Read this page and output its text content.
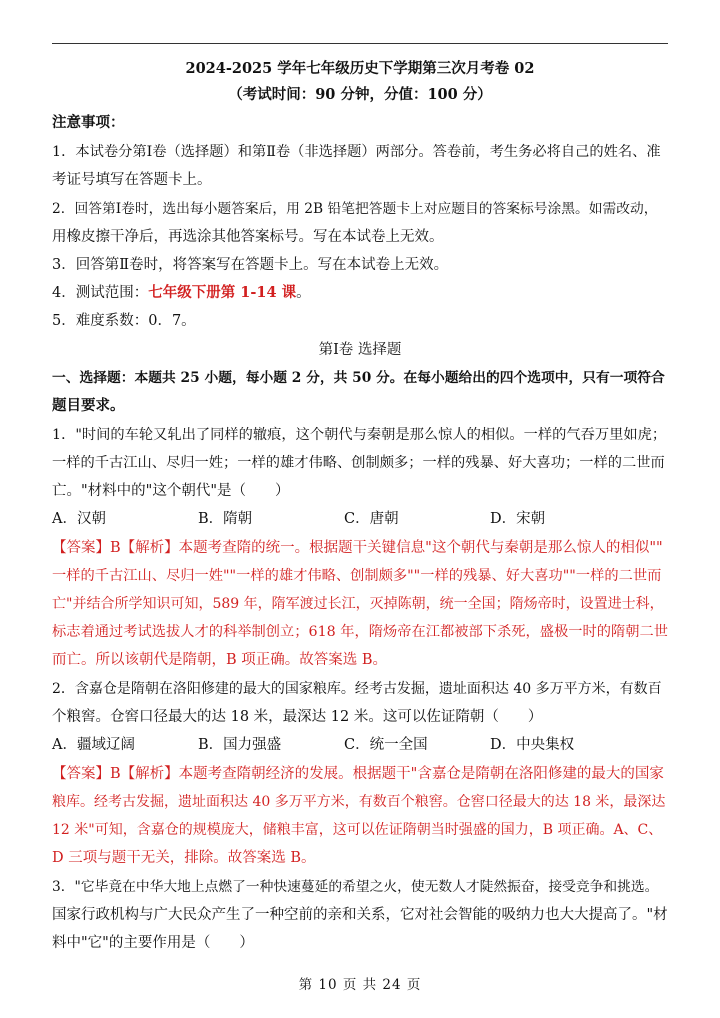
2024-2025 学年七年级历史下学期第三次月考卷 02
（考试时间：90 分钟，分值：100 分）
注意事项：
1．本试卷分第Ⅰ卷（选择题）和第Ⅱ卷（非选择题）两部分。答卷前，考生务必将自己的姓名、准
考证号填写在答题卡上。
2．回答第Ⅰ卷时，选出每小题答案后，用 2B 铅笔把答题卡上对应题目的答案标号涂黑。如需改动，
用橡皮擦干净后，再选涂其他答案标号。写在本试卷上无效。
3．回答第Ⅱ卷时，将答案写在答题卡上。写在本试卷上无效。
4．测试范围：七年级下册第 1-14 课。
5．难度系数：0．7。
第Ⅰ卷 选择题
一、选择题：本题共 25 小题，每小题 2 分，共 50 分。在每小题给出的四个选项中，只有一项符合
题目要求。
1．"时间的车轮又轧出了同样的辙痕，这个朝代与秦朝是那么惊人的相似。一样的气吞万里如虎；
一样的千古江山、尽归一姓；一样的雄才伟略、创制颇多；一样的残暴、好大喜功；一样的二世而
亡。"材料中的"这个朝代"是（　　）
A．汉朝	B．隋朝	C．唐朝	D．宋朝
【答案】B【解析】本题考查隋的统一。根据题干关键信息"这个朝代与秦朝是那么惊人的相似""
一样的千古江山、尽归一姓""一样的雄才伟略、创制颇多""一样的残暴、好大喜功""一样的二世而
亡"并结合所学知识可知，589 年，隋军渡过长江，灭掉陈朝，统一全国；隋炀帝时，设置进士科，
标志着通过考试选拔人才的科举制创立；618 年，隋炀帝在江都被部下杀死，盛极一时的隋朝二世
而亡。所以该朝代是隋朝，B 项正确。故答案选 B。
2．含嘉仓是隋朝在洛阳修建的最大的国家粮库。经考古发掘，遗址面积达 40 多万平方米，有数百
个粮窖。仓窖口径最大的达 18 米，最深达 12 米。这可以佐证隋朝（　　）
A．疆域辽阔	B．国力强盛	C．统一全国	D．中央集权
【答案】B【解析】本题考查隋朝经济的发展。根据题干"含嘉仓是隋朝在洛阳修建的最大的国家
粮库。经考古发掘，遗址面积达 40 多万平方米，有数百个粮窖。仓窖口径最大的达 18 米，最深达
12 米"可知，含嘉仓的规模庞大，储粮丰富，这可以佐证隋朝当时强盛的国力，B 项正确。A、C、
D 三项与题干无关，排除。故答案选 B。
3．"它毕竟在中华大地上点燃了一种快速蔓延的希望之火，使无数人才陡然振奋，接受竞争和挑选。
国家行政机构与广大民众产生了一种空前的亲和关系，它对社会智能的吸纳力也大大提高了。"材
料中"它"的主要作用是（　　）
第 10 页 共 24 页
